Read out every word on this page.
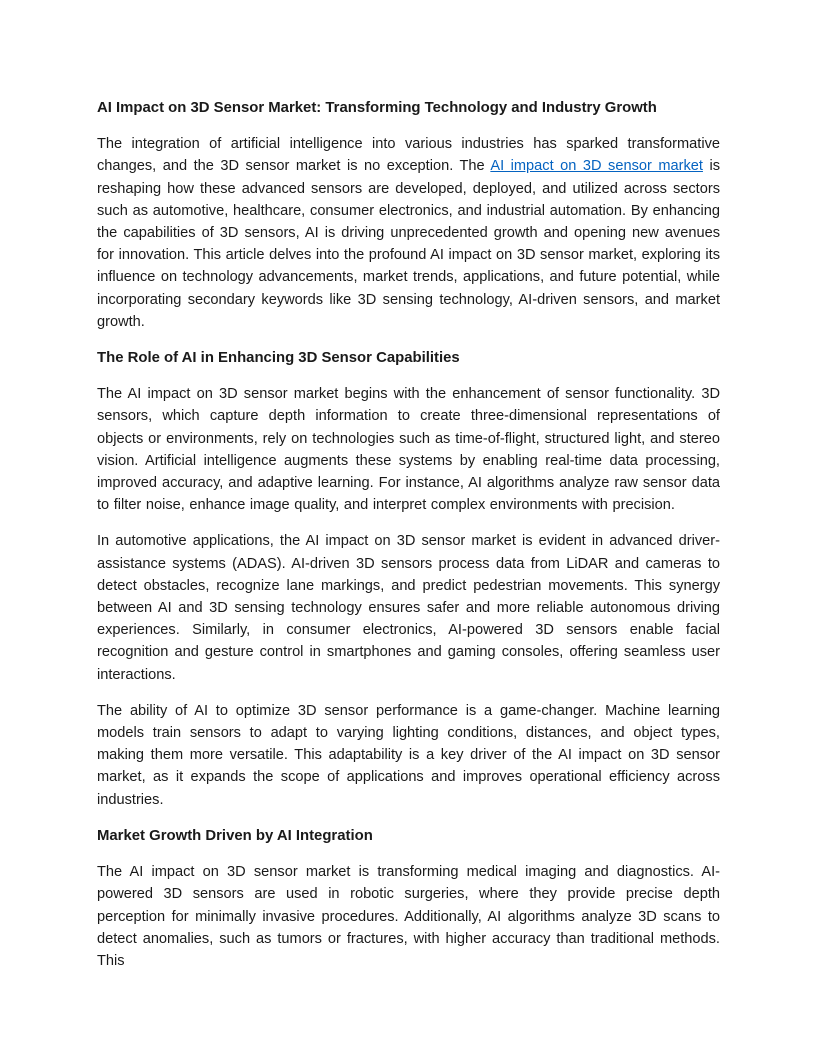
AI Impact on 3D Sensor Market: Transforming Technology and Industry Growth

The integration of artificial intelligence into various industries has sparked transformative changes, and the 3D sensor market is no exception. The AI impact on 3D sensor market is reshaping how these advanced sensors are developed, deployed, and utilized across sectors such as automotive, healthcare, consumer electronics, and industrial automation. By enhancing the capabilities of 3D sensors, AI is driving unprecedented growth and opening new avenues for innovation. This article delves into the profound AI impact on 3D sensor market, exploring its influence on technology advancements, market trends, applications, and future potential, while incorporating secondary keywords like 3D sensing technology, AI-driven sensors, and market growth.

The Role of AI in Enhancing 3D Sensor Capabilities

The AI impact on 3D sensor market begins with the enhancement of sensor functionality. 3D sensors, which capture depth information to create three-dimensional representations of objects or environments, rely on technologies such as time-of-flight, structured light, and stereo vision. Artificial intelligence augments these systems by enabling real-time data processing, improved accuracy, and adaptive learning. For instance, AI algorithms analyze raw sensor data to filter noise, enhance image quality, and interpret complex environments with precision.

In automotive applications, the AI impact on 3D sensor market is evident in advanced driver-assistance systems (ADAS). AI-driven 3D sensors process data from LiDAR and cameras to detect obstacles, recognize lane markings, and predict pedestrian movements. This synergy between AI and 3D sensing technology ensures safer and more reliable autonomous driving experiences. Similarly, in consumer electronics, AI-powered 3D sensors enable facial recognition and gesture control in smartphones and gaming consoles, offering seamless user interactions.

The ability of AI to optimize 3D sensor performance is a game-changer. Machine learning models train sensors to adapt to varying lighting conditions, distances, and object types, making them more versatile. This adaptability is a key driver of the AI impact on 3D sensor market, as it expands the scope of applications and improves operational efficiency across industries.

Market Growth Driven by AI Integration

The AI impact on 3D sensor market is transforming medical imaging and diagnostics. AI-powered 3D sensors are used in robotic surgeries, where they provide precise depth perception for minimally invasive procedures. Additionally, AI algorithms analyze 3D scans to detect anomalies, such as tumors or fractures, with higher accuracy than traditional methods. This
